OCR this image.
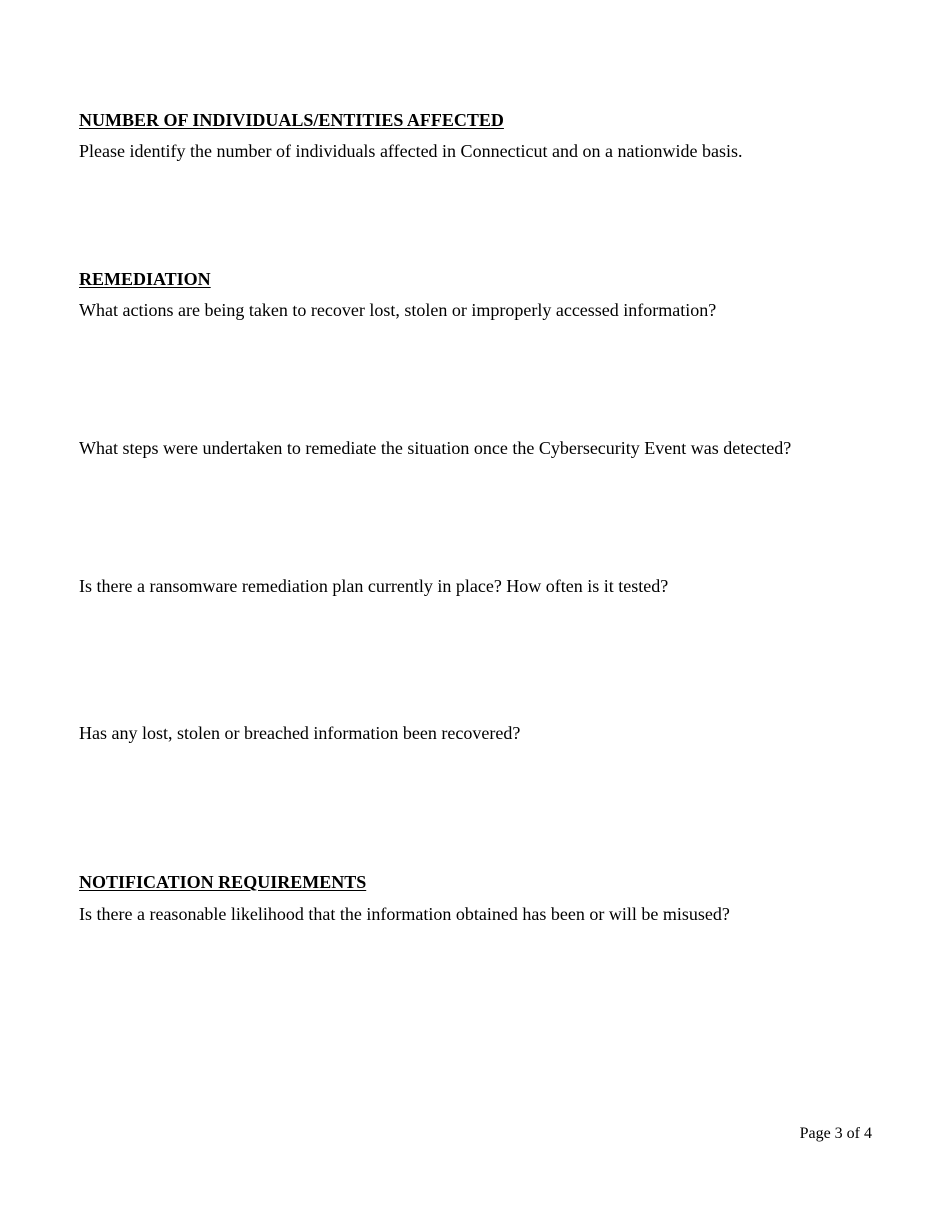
NUMBER OF INDIVIDUALS/ENTITIES AFFECTED

Please identify the number of individuals affected in Connecticut and on a nationwide basis.

REMEDIATION

What actions are being taken to recover lost, stolen or improperly accessed information?

What steps were undertaken to remediate the situation once the Cybersecurity Event was detected?

Is there a ransomware remediation plan currently in place? How often is it tested?

Has any lost, stolen or breached information been recovered?

NOTIFICATION REQUIREMENTS

Is there a reasonable likelihood that the information obtained has been or will be misused?

Page 3 of 4
